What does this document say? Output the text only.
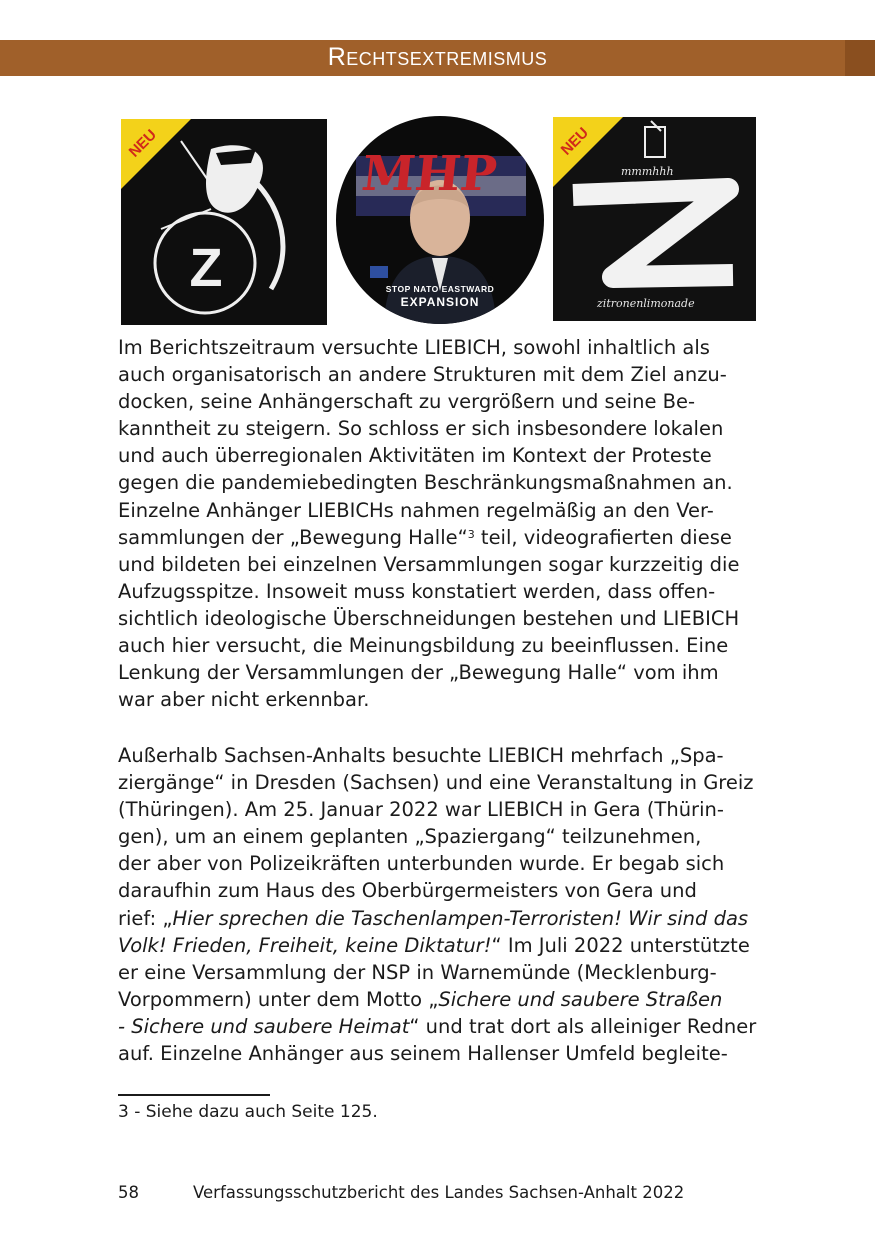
Rechtsextremismus
Z
NEU
MHP
STOP NATO EASTWARD
EXPANSION
mmmhhh
zitronenlimonade
NEU
Im Berichtszeitraum versuchte LIEBICH, sowohl inhaltlich als
auch organisatorisch an andere Strukturen mit dem Ziel anzu-
docken, seine Anhängerschaft zu vergrößern und seine Be-
kanntheit zu steigern. So schloss er sich insbesondere lokalen
und auch überregionalen Aktivitäten im Kontext der Proteste
gegen die pandemiebedingten Beschränkungsmaßnahmen an.
Einzelne Anhänger LIEBICHs nahmen regelmäßig an den Ver-
sammlungen der „Bewegung Halle“$^3$ teil, videografierten diese
und bildeten bei einzelnen Versammlungen sogar kurzzeitig die
Aufzugsspitze. Insoweit muss konstatiert werden, dass offen-
sichtlich ideologische Überschneidungen bestehen und LIEBICH
auch hier versucht, die Meinungsbildung zu beeinflussen. Eine
Lenkung der Versammlungen der „Bewegung Halle“ vom ihm
war aber nicht erkennbar.
Außerhalb Sachsen-Anhalts besuchte LIEBICH mehrfach „Spa-
ziergänge“ in Dresden (Sachsen) und eine Veranstaltung in Greiz
(Thüringen). Am 25. Januar 2022 war LIEBICH in Gera (Thürin-
gen), um an einem geplanten „Spaziergang“ teilzunehmen,
der aber von Polizeikräften unterbunden wurde. Er begab sich
daraufhin zum Haus des Oberbürgermeisters von Gera und
rief: „Hier sprechen die Taschenlampen-Terroristen! Wir sind das
Volk! Frieden, Freiheit, keine Diktatur!“ Im Juli 2022 unterstützte
er eine Versammlung der NSP in Warnemünde (Mecklenburg-
Vorpommern) unter dem Motto „Sichere und saubere Straßen
- Sichere und saubere Heimat“ und trat dort als alleiniger Redner
auf. Einzelne Anhänger aus seinem Hallenser Umfeld begleite-
3 - Siehe dazu auch Seite 125.
58	Verfassungsschutzbericht des Landes Sachsen-Anhalt 2022
